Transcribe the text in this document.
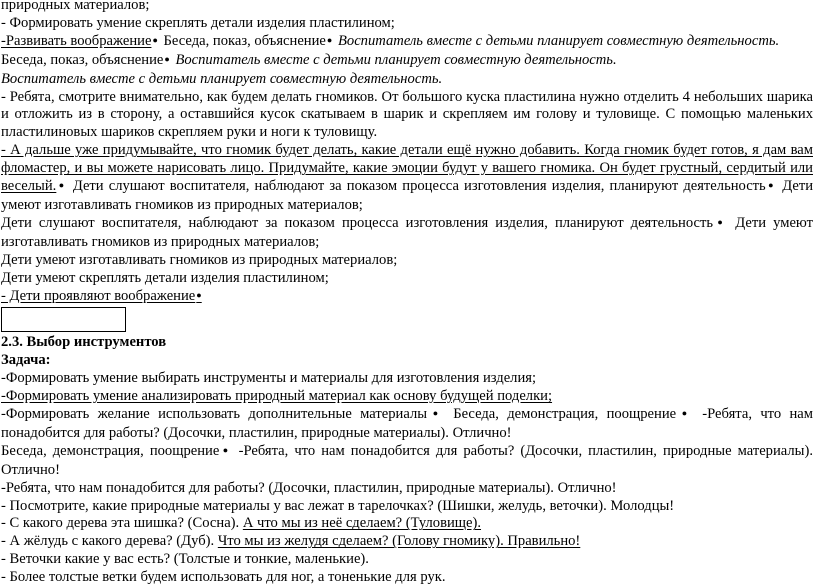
природных материалов;
- Формировать умение скреплять детали изделия пластилином;
-Развивать воображение● Беседа, показ, объяснение● Воспитатель вместе с детьми планирует совместную деятельность.
Беседа, показ, объяснение● Воспитатель вместе с детьми планирует совместную деятельность.
Воспитатель вместе с детьми планирует совместную деятельность.
- Ребята, смотрите внимательно, как будем делать гномиков. От большого куска пластилина нужно отделить 4 небольших шарика и отложить из в сторону, а оставшийся кусок скатываем в шарик и скрепляем им голову и туловище. С помощью маленьких пластилиновых шариков скрепляем руки и ноги к туловищу.
- А дальше уже придумывайте, что гномик будет делать, какие детали ещё нужно добавить. Когда гномик будет готов, я дам вам фломастер, и вы можете нарисовать лицо. Придумайте, какие эмоции будут у вашего гномика. Он будет грустный, сердитый или веселый.● Дети слушают воспитателя, наблюдают за показом процесса изготовления изделия, планируют деятельность● Дети умеют изготавливать гномиков из природных материалов;
Дети слушают воспитателя, наблюдают за показом процесса изготовления изделия, планируют деятельность● Дети умеют изготавливать гномиков из природных материалов;
Дети умеют изготавливать гномиков из природных материалов;
Дети умеют скреплять детали изделия пластилином;
- Дети проявляют воображение●
2.3. Выбор инструментов
Задача:
-Формировать умение выбирать инструменты и материалы для изготовления изделия;
-Формировать умение анализировать природный материал как основу будущей поделки;
-Формировать желание использовать дополнительные материалы● Беседа, демонстрация, поощрение● -Ребята, что нам понадобится для работы? (Досочки, пластилин, природные материалы). Отлично!
Беседа, демонстрация, поощрение● -Ребята, что нам понадобится для работы? (Досочки, пластилин, природные материалы). Отлично!
-Ребята, что нам понадобится для работы? (Досочки, пластилин, природные материалы). Отлично!
- Посмотрите, какие природные материалы у вас лежат в тарелочках? (Шишки, желудь, веточки). Молодцы!
- С какого дерева эта шишка? (Сосна). А что мы из неё сделаем? (Туловище).
- А жёлудь с какого дерева? (Дуб). Что мы из желудя сделаем? (Голову гномику). Правильно!
- Веточки какие у вас есть? (Толстые и тонкие, маленькие).
- Более толстые ветки будем использовать для ног, а тоненькие для рук.
